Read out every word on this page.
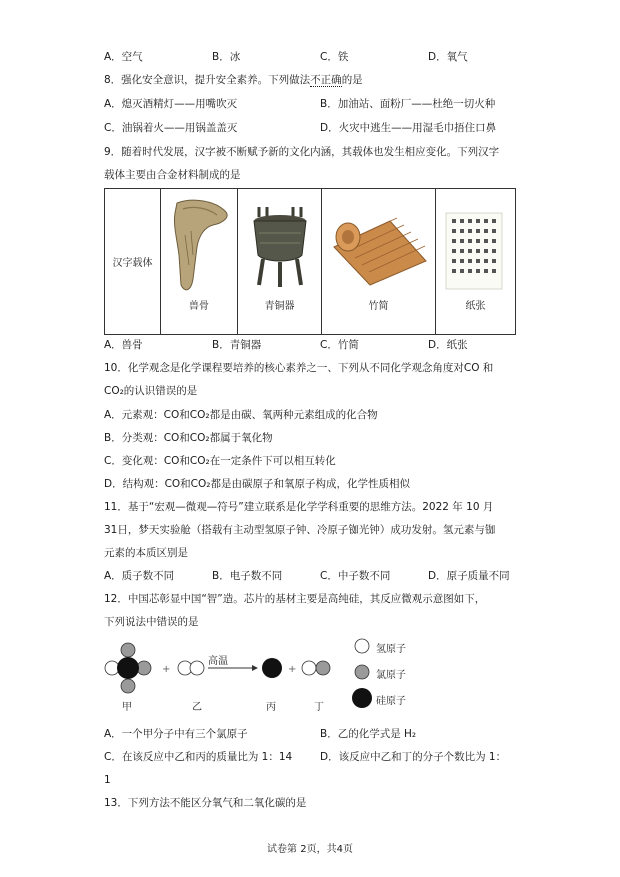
A．空气	B．冰	C．铁	D．氧气
8．强化安全意识，提升安全素养。下列做法不正确的是
A．熄灭酒精灯——用嘴吹灭	B．加油站、面粉厂——杜绝一切火种
C．油锅着火——用锅盖盖灭	D．火灾中逃生——用湿毛巾捂住口鼻
9．随着时代发展，汉字被不断赋予新的文化内涵，其载体也发生相应变化。下列汉字
载体主要由合金材料制成的是
汉字载体	
兽骨	青铜器	竹简	纸张
A．兽骨	B．青铜器	C．竹简	D．纸张
10．化学观念是化学课程要培养的核心素养之一、下列从不同化学观念角度对CO 和
CO₂的认识错误的是
A．元素观：CO和CO₂都是由碳、氧两种元素组成的化合物
B．分类观：CO和CO₂都属于氧化物
C．变化观：CO和CO₂在一定条件下可以相互转化
D．结构观：CO和CO₂都是由碳原子和氧原子构成，化学性质相似
11．基于“宏观—微观—符号”建立联系是化学学科重要的思维方法。2022 年 10 月
31日，梦天实验舱（搭载有主动型氢原子钟、冷原子铷光钟）成功发射。氢元素与铷
元素的本质区别是
A．质子数不同	B．电子数不同	C．中子数不同	D．原子质量不同
12．中国芯彰显中国“智”造。芯片的基材主要是高纯硅，其反应微观示意图如下，
下列说法中错误的是
+	+
高温
甲	乙	丙	丁
氢原子
氯原子
硅原子
A．一个甲分子中有三个氯原子	B．乙的化学式是 H₂
C．在该反应中乙和丙的质量比为 1：14	D．该反应中乙和丁的分子个数比为 1：
1
13．下列方法不能区分氧气和二氧化碳的是
试卷第 2页，共4页
